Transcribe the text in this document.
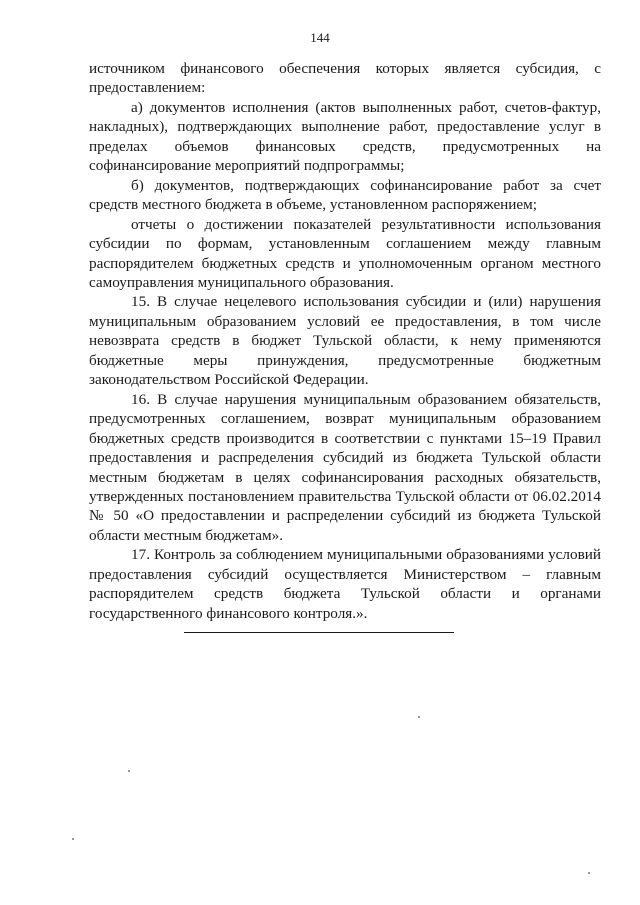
144

источником финансового обеспечения которых является субсидия, с предоставлением:

а) документов исполнения (актов выполненных работ, счетов-фактур, накладных), подтверждающих выполнение работ, предоставление услуг в пределах объемов финансовых средств, предусмотренных на софинансирование мероприятий подпрограммы;

б) документов, подтверждающих софинансирование работ за счет средств местного бюджета в объеме, установленном распоряжением;

отчеты о достижении показателей результативности использования субсидии по формам, установленным соглашением между главным распорядителем бюджетных средств и уполномоченным органом местного самоуправления муниципального образования.

15. В случае нецелевого использования субсидии и (или) нарушения муниципальным образованием условий ее предоставления, в том числе невозврата средств в бюджет Тульской области, к нему применяются бюджетные меры принуждения, предусмотренные бюджетным законодательством Российской Федерации.

16. В случае нарушения муниципальным образованием обязательств, предусмотренных соглашением, возврат муниципальным образованием бюджетных средств производится в соответствии с пунктами 15–19 Правил предоставления и распределения субсидий из бюджета Тульской области местным бюджетам в целях софинансирования расходных обязательств, утвержденных постановлением правительства Тульской области от 06.02.2014 № 50 «О предоставлении и распределении субсидий из бюджета Тульской области местным бюджетам».

17. Контроль за соблюдением муниципальными образованиями условий предоставления субсидий осуществляется Министерством – главным распорядителем средств бюджета Тульской области и органами государственного финансового контроля.».
